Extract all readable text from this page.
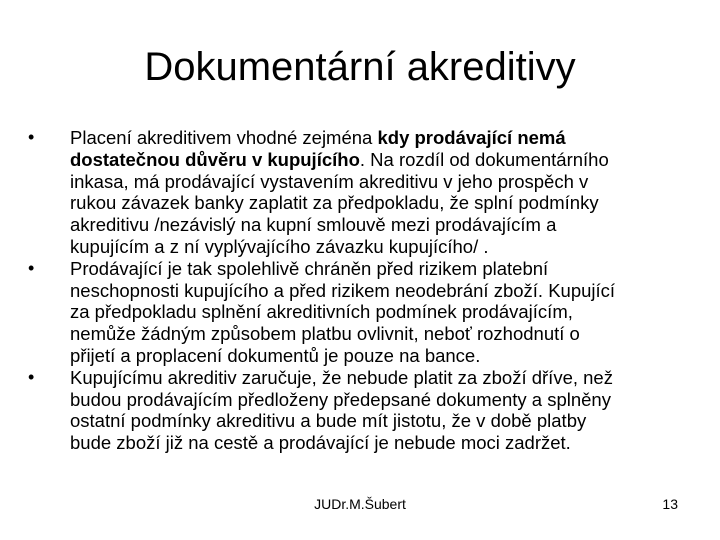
Dokumentární akreditivy
• Placení akreditivem vhodné zejména kdy prodávající nemá
dostatečnou důvěru v kupujícího. Na rozdíl od dokumentárního
inkasa, má prodávající vystavením akreditivu v jeho prospěch v
rukou závazek banky zaplatit za předpokladu, že splní podmínky
akreditivu /nezávislý na kupní smlouvě mezi prodávajícím a
kupujícím a z ní vyplývajícího závazku kupujícího/ .
• Prodávající je tak spolehlivě chráněn před rizikem platební
neschopnosti kupujícího a před rizikem neodebrání zboží. Kupující
za předpokladu splnění akreditivních podmínek prodávajícím,
nemůže žádným způsobem platbu ovlivnit, neboť rozhodnutí o
přijetí a proplacení dokumentů je pouze na bance.
• Kupujícímu akreditiv zaručuje, že nebude platit za zboží dříve, než
budou prodávajícím předloženy předepsané dokumenty a splněny
ostatní podmínky akreditivu a bude mít jistotu, že v době platby
bude zboží již na cestě a prodávající je nebude moci zadržet.
JUDr.M.Šubert	13
